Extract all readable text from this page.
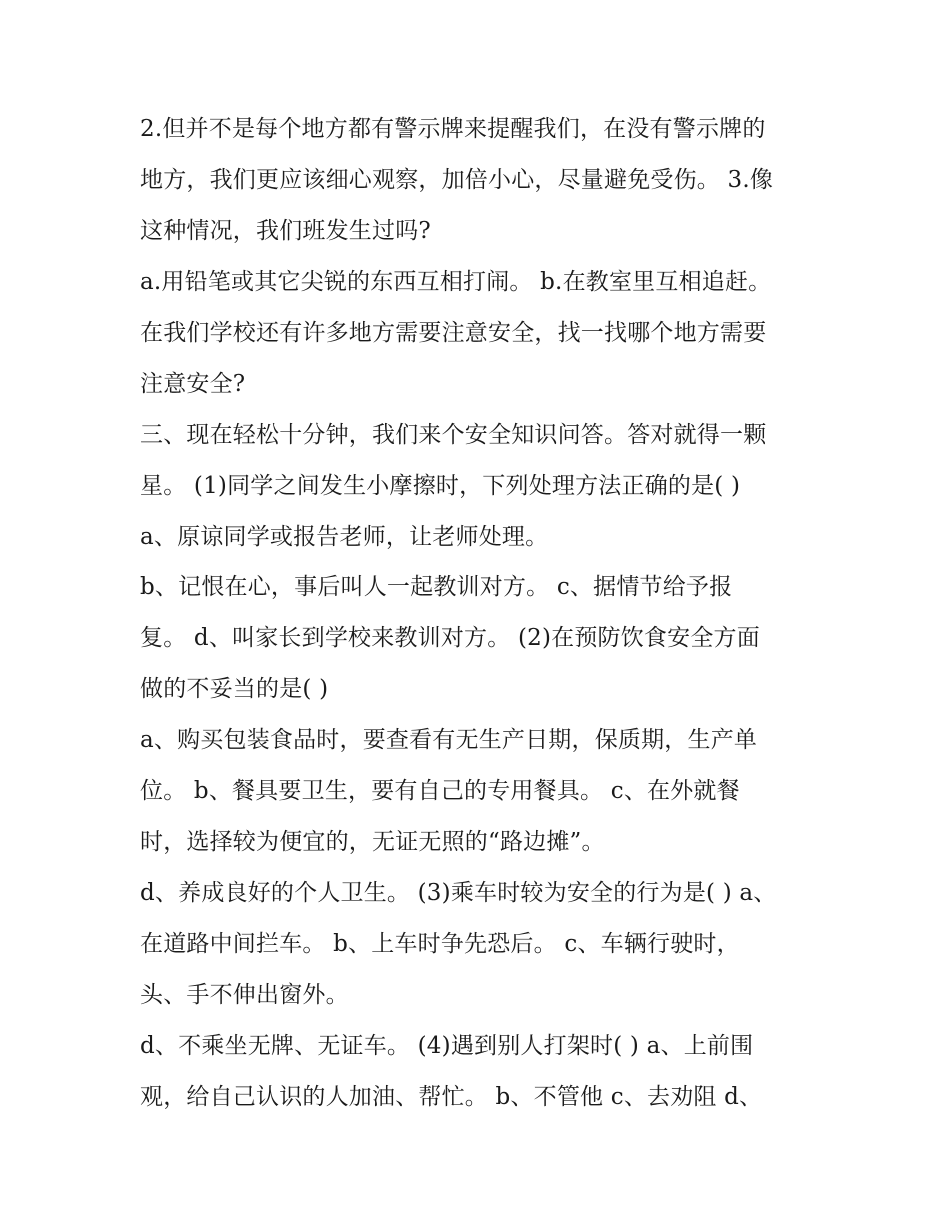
2.但并不是每个地方都有警示牌来提醒我们，在没有警示牌的
地方，我们更应该细心观察，加倍小心，尽量避免受伤。 3.像
这种情况，我们班发生过吗?
a.用铅笔或其它尖锐的东西互相打闹。 b.在教室里互相追赶。
在我们学校还有许多地方需要注意安全，找一找哪个地方需要
注意安全?
三、现在轻松十分钟，我们来个安全知识问答。答对就得一颗
星。 (1)同学之间发生小摩擦时，下列处理方法正确的是( )
a、原谅同学或报告老师，让老师处理。
b、记恨在心，事后叫人一起教训对方。 c、据情节给予报
复。 d、叫家长到学校来教训对方。 (2)在预防饮食安全方面
做的不妥当的是( )
a、购买包装食品时，要查看有无生产日期，保质期，生产单
位。 b、餐具要卫生，要有自己的专用餐具。 c、在外就餐
时，选择较为便宜的，无证无照的“路边摊”。
d、养成良好的个人卫生。 (3)乘车时较为安全的行为是( ) a、
在道路中间拦车。 b、上车时争先恐后。 c、车辆行驶时，
头、手不伸出窗外。
d、不乘坐无牌、无证车。 (4)遇到别人打架时( ) a、上前围
观，给自己认识的人加油、帮忙。 b、不管他 c、去劝阻 d、
